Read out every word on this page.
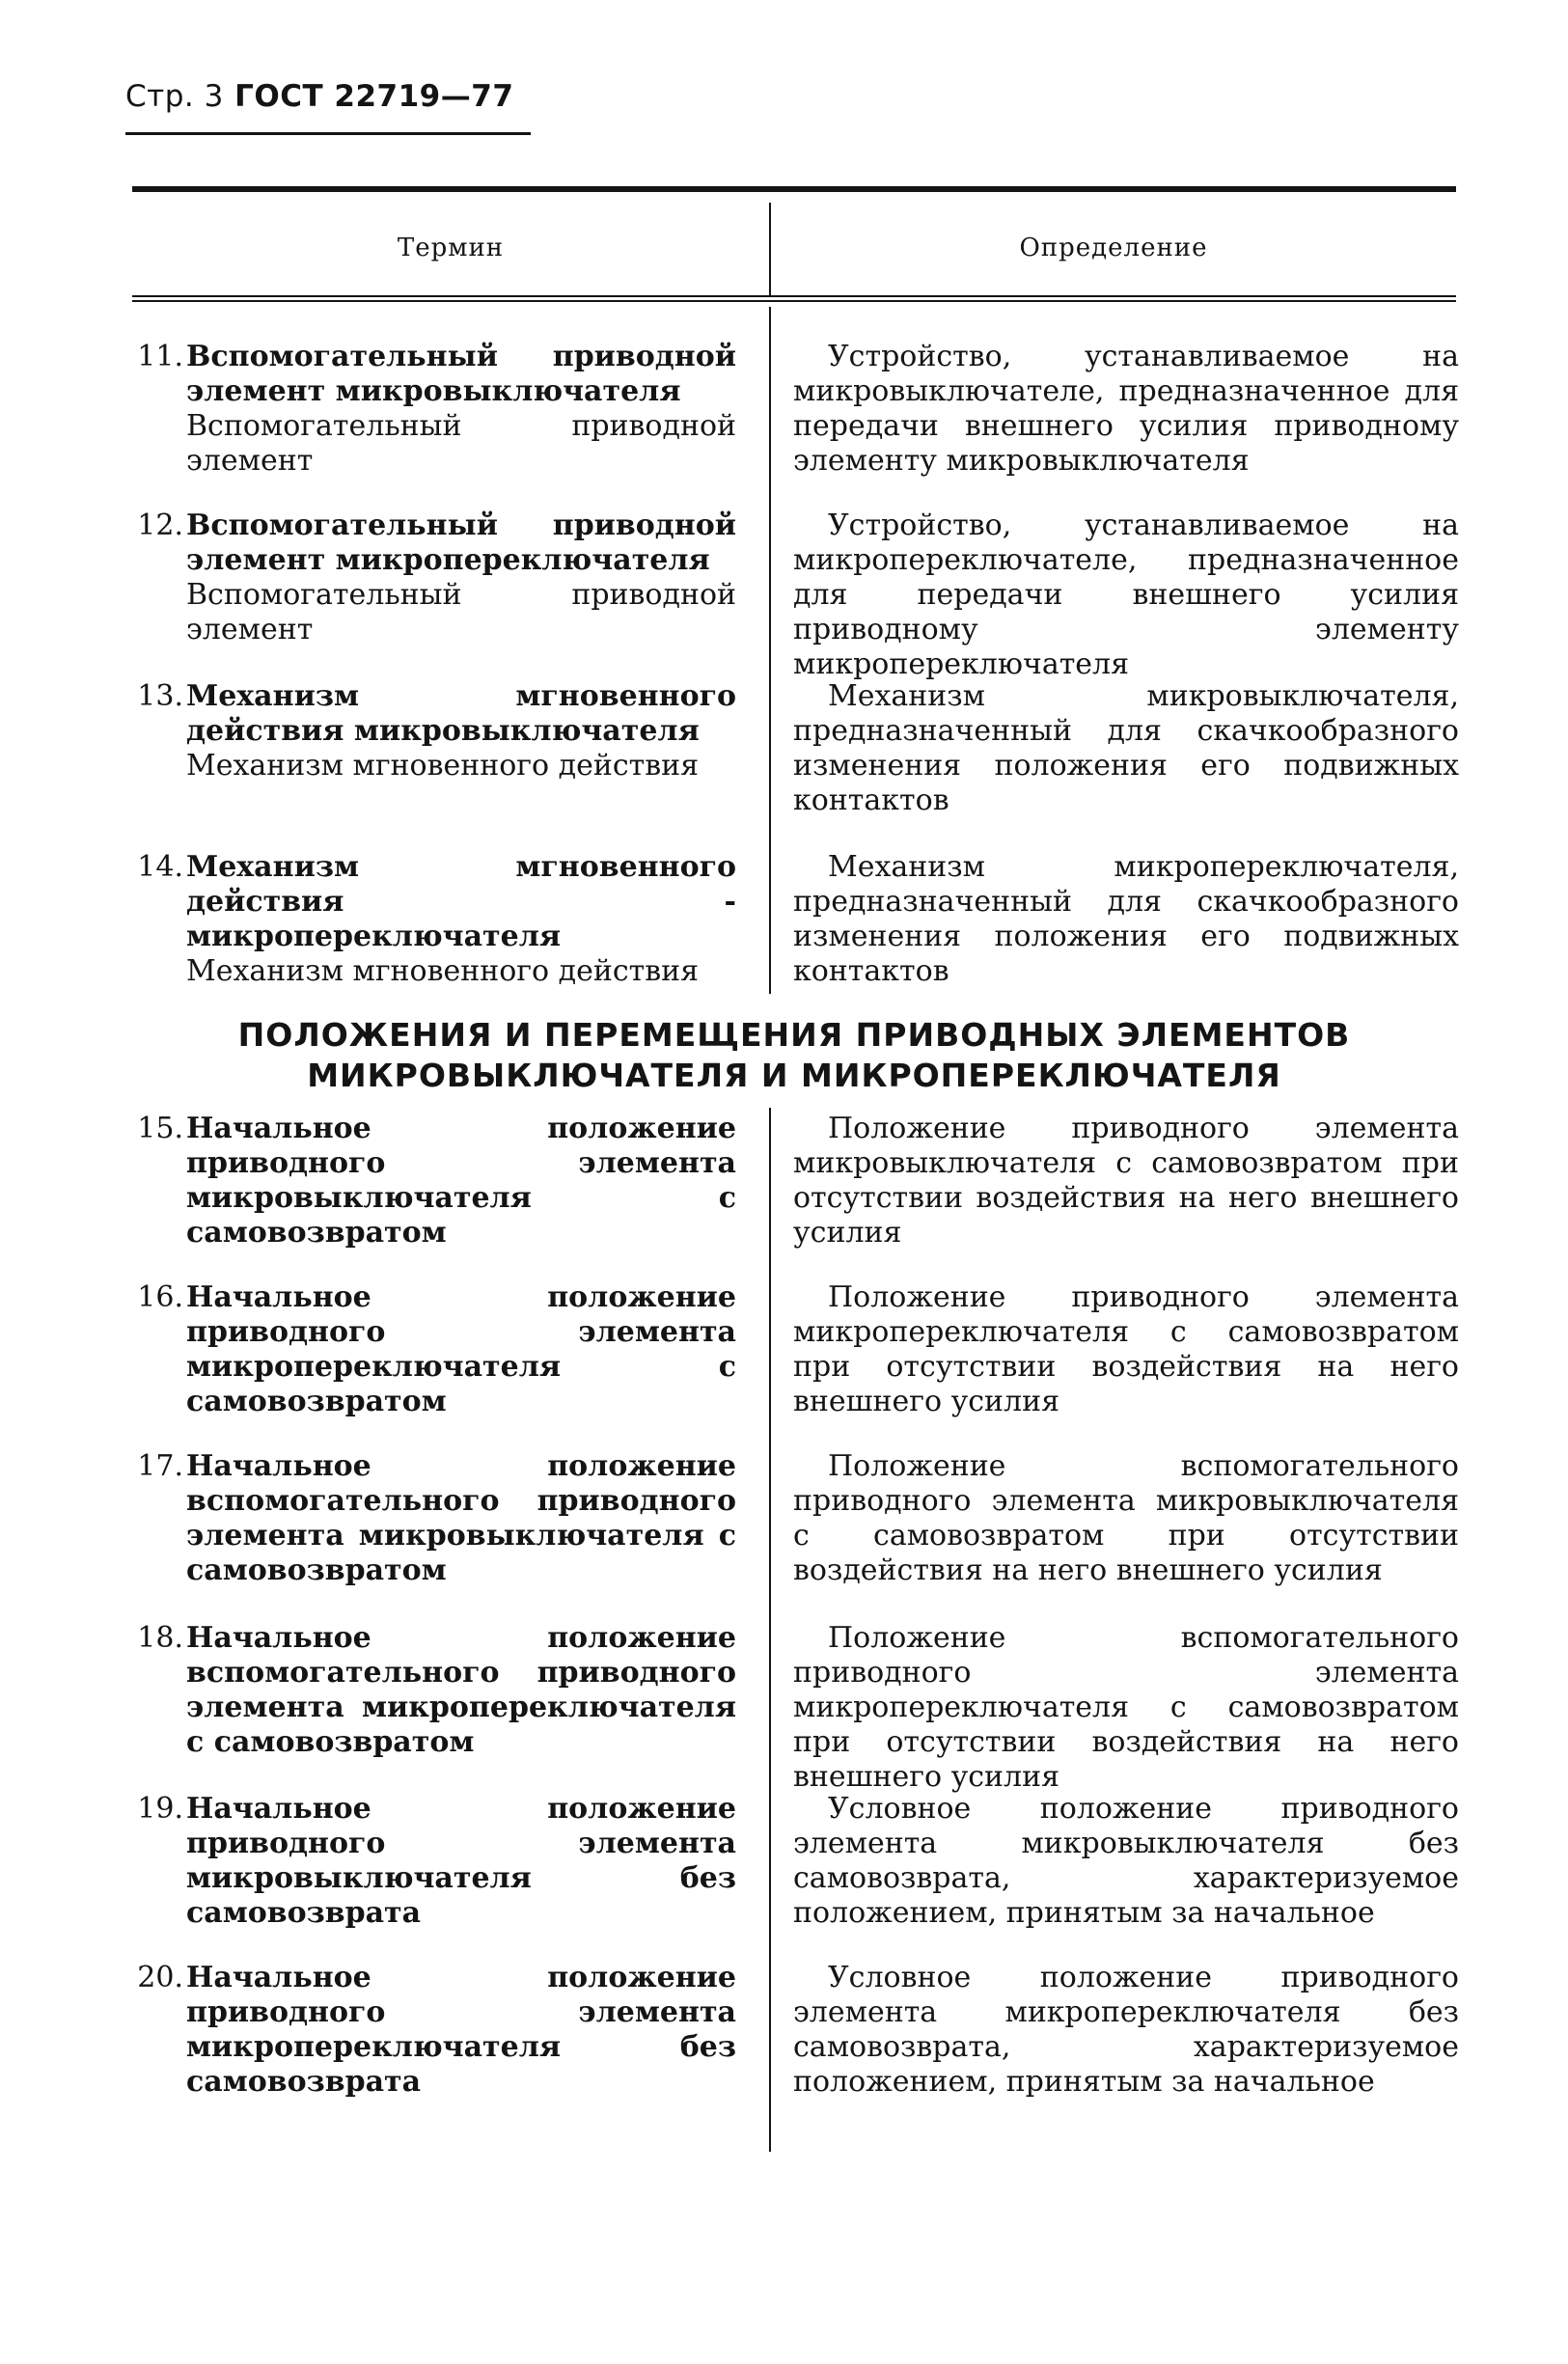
Стр. 3 ГОСТ 22719—77
Термин	Определение
11. Вспомогательный приводной элемент микровыключателя
Вспомогательный приводной элемент
Устройство, устанавливаемое на микровыключателе, предназначенное для передачи внешнего усилия приводному элементу микровыключателя
12. Вспомогательный приводной элемент микропереключателя
Вспомогательный приводной элемент
Устройство, устанавливаемое на микропереключателе, предназначенное для передачи внешнего усилия приводному элементу микропереключателя
13. Механизм мгновенного действия микровыключателя
Механизм мгновенного действия
Механизм микровыключателя, предназначенный для скачкообразного изменения положения его подвижных контактов
14. Механизм мгновенного действия - микропереключателя
Механизм мгновенного действия
Механизм микропереключателя, предназначенный для скачкообразного изменения положения его подвижных контактов
ПОЛОЖЕНИЯ И ПЕРЕМЕЩЕНИЯ ПРИВОДНЫХ ЭЛЕМЕНТОВ
МИКРОВЫКЛЮЧАТЕЛЯ И МИКРОПЕРЕКЛЮЧАТЕЛЯ
15. Начальное положение приводного элемента микровыключателя с самовозвратом
Положение приводного элемента микровыключателя с самовозвратом при отсутствии воздействия на него внешнего усилия
16. Начальное положение приводного элемента микропереключателя с самовозвратом
Положение приводного элемента микропереключателя с самовозвратом при отсутствии воздействия на него внешнего усилия
17. Начальное положение вспомогательного приводного элемента микровыключателя с самовозвратом
Положение вспомогательного приводного элемента микровыключателя с самовозвратом при отсутствии воздействия на него внешнего усилия
18. Начальное положение вспомогательного приводного элемента микропереключателя с самовозвратом
Положение вспомогательного приводного элемента микропереключателя с самовозвратом при отсутствии воздействия на него внешнего усилия
19. Начальное положение приводного элемента микровыключателя без самовозврата
Условное положение приводного элемента микровыключателя без самовозврата, характеризуемое положением, принятым за начальное
20. Начальное положение приводного элемента микропереключателя без самовозврата
Условное положение приводного элемента микропереключателя без самовозврата, характеризуемое положением, принятым за начальное
